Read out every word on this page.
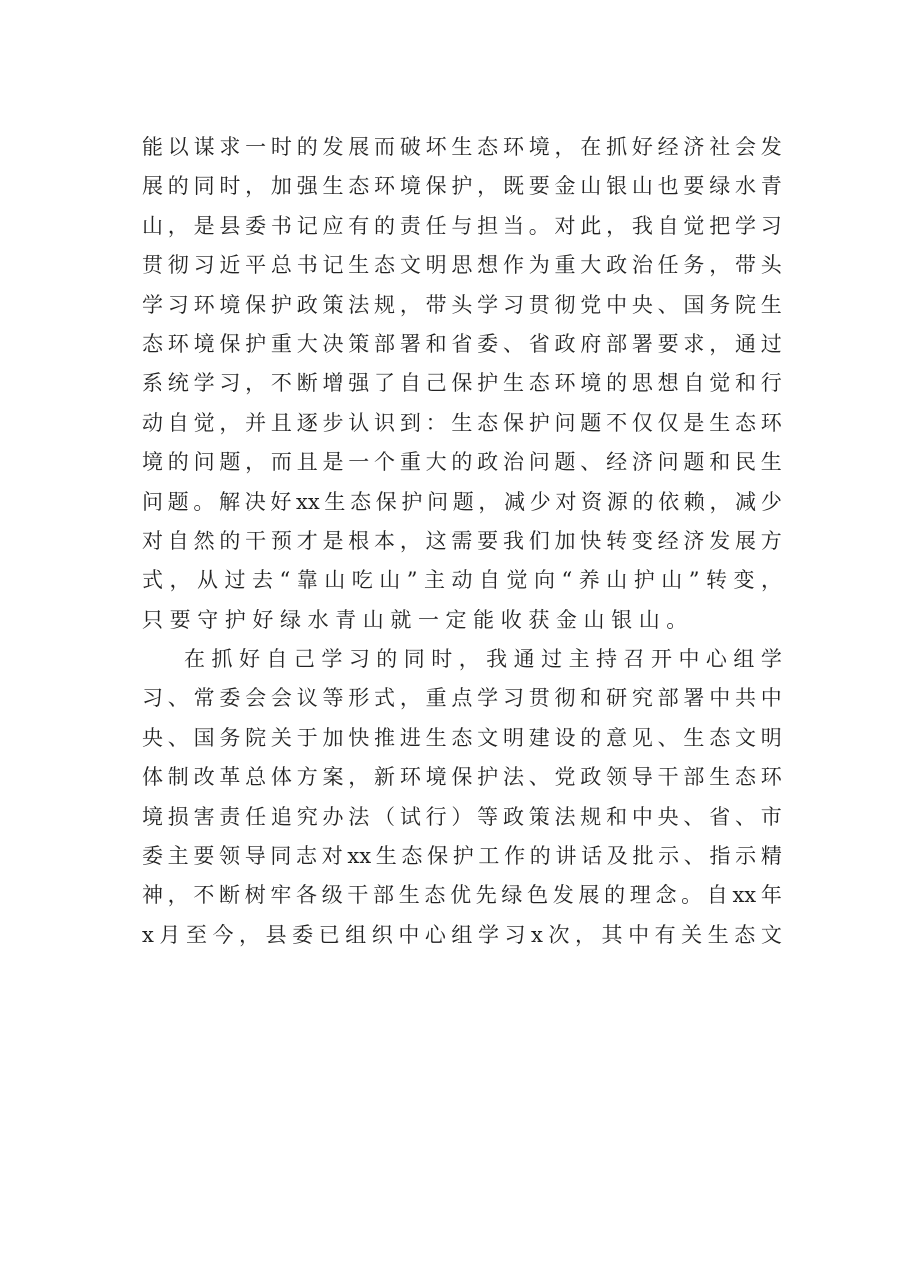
能 以 谋 求 一 时 的 发 展 而 破 坏 生 态 环 境 ， 在 抓 好 经 济 社 会 发
展 的 同 时 ， 加 强 生 态 环 境 保 护 ， 既 要 金 山 银 山 也 要 绿 水 青
山 ， 是 县 委 书 记 应 有 的 责 任 与 担 当 。 对 此 ， 我 自 觉 把 学 习
贯 彻 习 近 平 总 书 记 生 态 文 明 思 想 作 为 重 大 政 治 任 务 ， 带 头
学 习 环 境 保 护 政 策 法 规 ， 带 头 学 习 贯 彻 党 中 央 、 国 务 院 生
态 环 境 保 护 重 大 决 策 部 署 和 省 委 、 省 政 府 部 署 要 求 ， 通 过
系 统 学 习 ， 不 断 增 强 了 自 己 保 护 生 态 环 境 的 思 想 自 觉 和 行
动 自 觉 ， 并 且 逐 步 认 识 到 ： 生 态 保 护 问 题 不 仅 仅 是 生 态 环
境 的 问 题 ， 而 且 是 一 个 重 大 的 政 治 问 题 、 经 济 问 题 和 民 生
问 题 。 解 决 好 xx 生 态 保 护 问 题 ， 减 少 对 资 源 的 依 赖 ， 减 少
对 自 然 的 干 预 才 是 根 本 ， 这 需 要 我 们 加 快 转 变 经 济 发 展 方
式 ， 从 过 去 “ 靠 山 吃 山 ” 主 动 自 觉 向 “ 养 山 护 山 ” 转 变 ，
只 要 守 护 好 绿 水 青 山 就 一 定 能 收 获 金 山 银 山 。
在 抓 好 自 己 学 习 的 同 时 ， 我 通 过 主 持 召 开 中 心 组 学
习 、 常 委 会 会 议 等 形 式 ， 重 点 学 习 贯 彻 和 研 究 部 署 中 共 中
央 、 国 务 院 关 于 加 快 推 进 生 态 文 明 建 设 的 意 见 、 生 态 文 明
体 制 改 革 总 体 方 案 ， 新 环 境 保 护 法 、 党 政 领 导 干 部 生 态 环
境 损 害 责 任 追 究 办 法 （ 试 行 ） 等 政 策 法 规 和 中 央 、 省 、 市
委 主 要 领 导 同 志 对 xx 生 态 保 护 工 作 的 讲 话 及 批 示 、 指 示 精
神 ， 不 断 树 牢 各 级 干 部 生 态 优 先 绿 色 发 展 的 理 念 。 自 xx 年
x 月 至 今 ， 县 委 已 组 织 中 心 组 学 习 x 次 ， 其 中 有 关 生 态 文
